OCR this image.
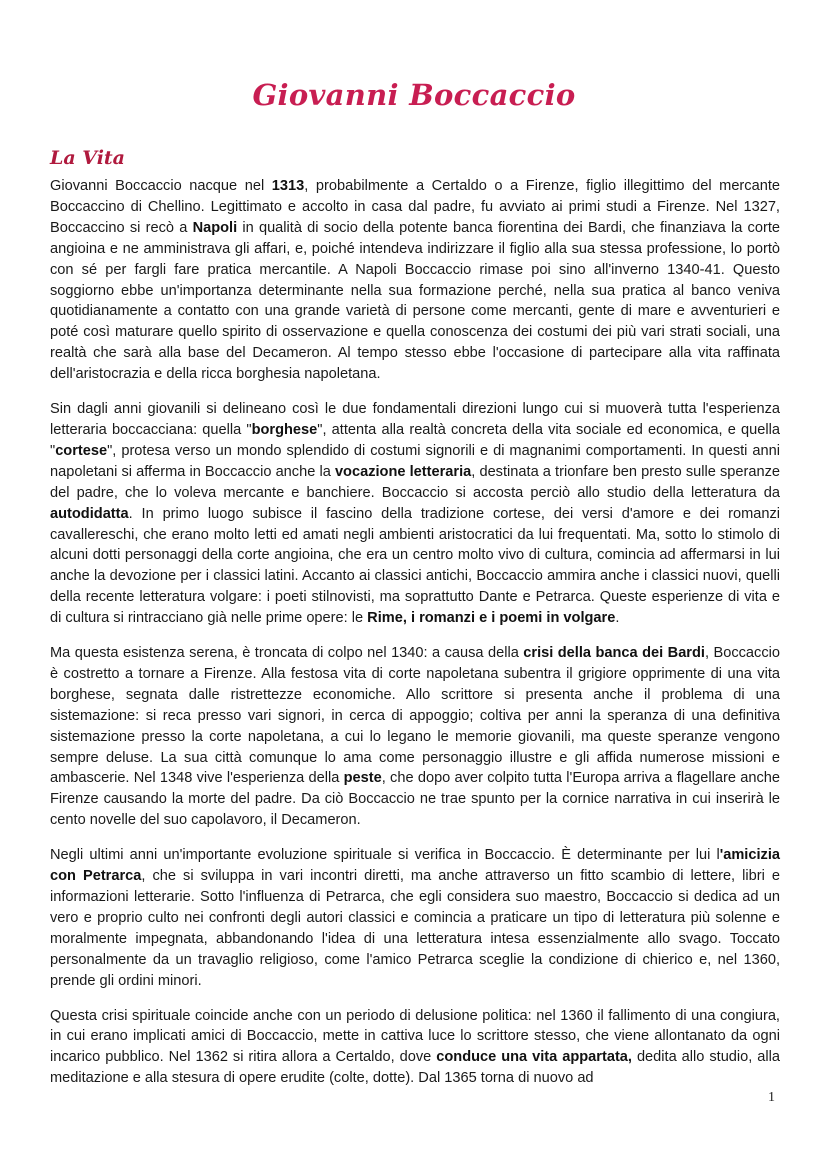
Giovanni Boccaccio
La Vita

Giovanni Boccaccio nacque nel 1313, probabilmente a Certaldo o a Firenze, figlio illegittimo del mercante Boccaccino di Chellino. Legittimato e accolto in casa dal padre, fu avviato ai primi studi a Firenze. Nel 1327, Boccaccino si recò a Napoli in qualità di socio della potente banca fiorentina dei Bardi, che finanziava la corte angioina e ne amministrava gli affari, e, poiché intendeva indirizzare il figlio alla sua stessa professione, lo portò con sé per fargli fare pratica mercantile. A Napoli Boccaccio rimase poi sino all'inverno 1340-41. Questo soggiorno ebbe un'importanza determinante nella sua formazione perché, nella sua pratica al banco veniva quotidianamente a contatto con una grande varietà di persone come mercanti, gente di mare e avventurieri e poté così maturare quello spirito di osservazione e quella conoscenza dei costumi dei più vari strati sociali, una realtà che sarà alla base del Decameron. Al tempo stesso ebbe l'occasione di partecipare alla vita raffinata dell'aristocrazia e della ricca borghesia napoletana.

Sin dagli anni giovanili si delineano così le due fondamentali direzioni lungo cui si muoverà tutta l'esperienza letteraria boccacciana: quella "borghese", attenta alla realtà concreta della vita sociale ed economica, e quella "cortese", protesa verso un mondo splendido di costumi signorili e di magnanimi comportamenti. In questi anni napoletani si afferma in Boccaccio anche la vocazione letteraria, destinata a trionfare ben presto sulle speranze del padre, che lo voleva mercante e banchiere. Boccaccio si accosta perciò allo studio della letteratura da autodidatta. In primo luogo subisce il fascino della tradizione cortese, dei versi d'amore e dei romanzi cavallereschi, che erano molto letti ed amati negli ambienti aristocratici da lui frequentati. Ma, sotto lo stimolo di alcuni dotti personaggi della corte angioina, che era un centro molto vivo di cultura, comincia ad affermarsi in lui anche la devozione per i classici latini. Accanto ai classici antichi, Boccaccio ammira anche i classici nuovi, quelli della recente letteratura volgare: i poeti stilnovisti, ma soprattutto Dante e Petrarca. Queste esperienze di vita e di cultura si rintracciano già nelle prime opere: le Rime, i romanzi e i poemi in volgare.

Ma questa esistenza serena, è troncata di colpo nel 1340: a causa della crisi della banca dei Bardi, Boccaccio è costretto a tornare a Firenze. Alla festosa vita di corte napoletana subentra il grigiore opprimente di una vita borghese, segnata dalle ristrettezze economiche. Allo scrittore si presenta anche il problema di una sistemazione: si reca presso vari signori, in cerca di appoggio; coltiva per anni la speranza di una definitiva sistemazione presso la corte napoletana, a cui lo legano le memorie giovanili, ma queste speranze vengono sempre deluse. La sua città comunque lo ama come personaggio illustre e gli affida numerose missioni e ambascerie. Nel 1348 vive l'esperienza della peste, che dopo aver colpito tutta l'Europa arriva a flagellare anche Firenze causando la morte del padre. Da ciò Boccaccio ne trae spunto per la cornice narrativa in cui inserirà le cento novelle del suo capolavoro, il Decameron.

Negli ultimi anni un'importante evoluzione spirituale si verifica in Boccaccio. È determinante per lui l'amicizia con Petrarca, che si sviluppa in vari incontri diretti, ma anche attraverso un fitto scambio di lettere, libri e informazioni letterarie. Sotto l'influenza di Petrarca, che egli considera suo maestro, Boccaccio si dedica ad un vero e proprio culto nei confronti degli autori classici e comincia a praticare un tipo di letteratura più solenne e moralmente impegnata, abbandonando l'idea di una letteratura intesa essenzialmente allo svago. Toccato personalmente da un travaglio religioso, come l'amico Petrarca sceglie la condizione di chierico e, nel 1360, prende gli ordini minori.

Questa crisi spirituale coincide anche con un periodo di delusione politica: nel 1360 il fallimento di una congiura, in cui erano implicati amici di Boccaccio, mette in cattiva luce lo scrittore stesso, che viene allontanato da ogni incarico pubblico. Nel 1362 si ritira allora a Certaldo, dove conduce una vita appartata, dedita allo studio, alla meditazione e alla stesura di opere erudite (colte, dotte). Dal 1365 torna di nuovo ad

1
